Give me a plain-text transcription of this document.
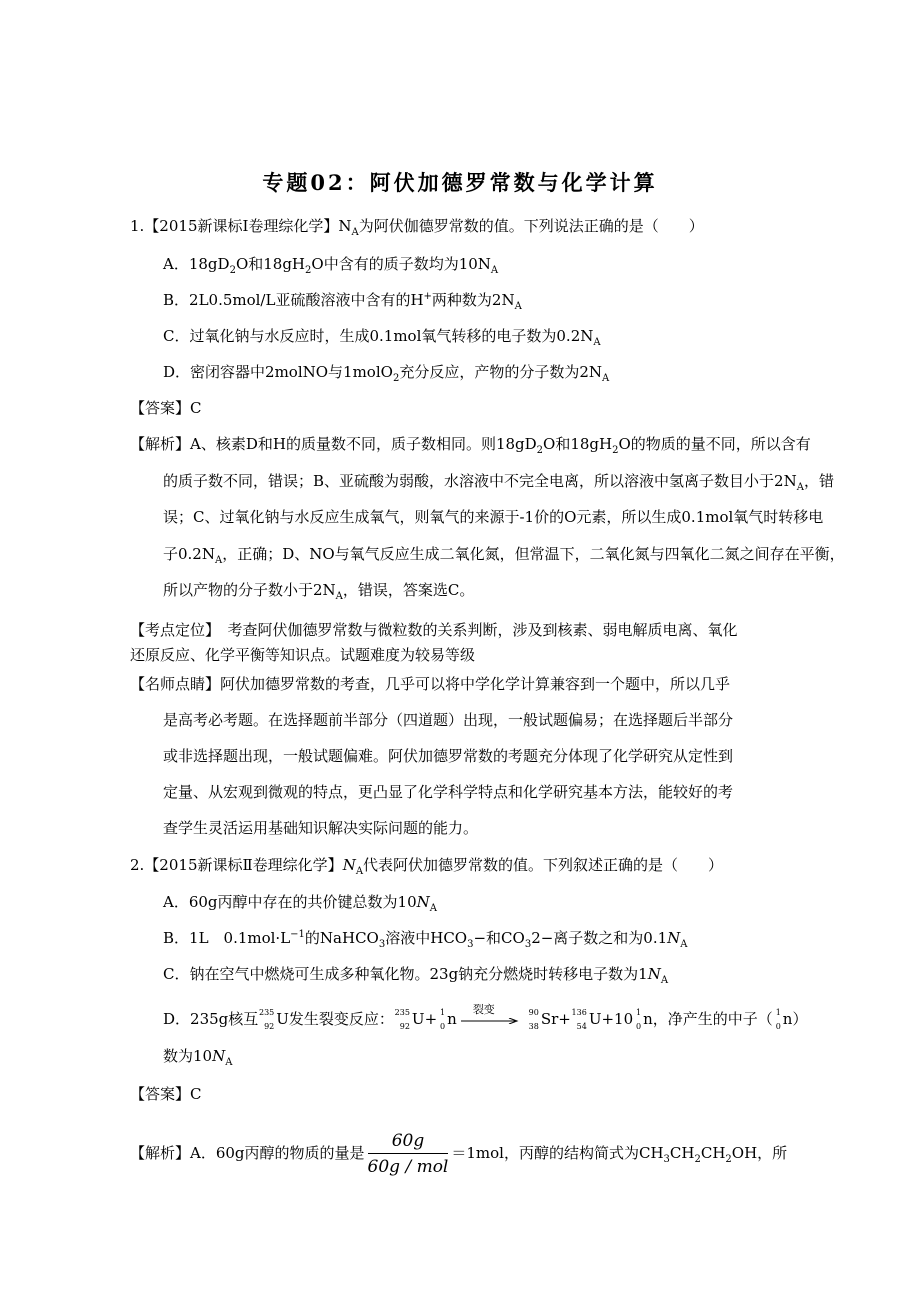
专题02：阿伏加德罗常数与化学计算
1.【2015新课标Ⅰ卷理综化学】$N_A$为阿伏伽德罗常数的值。下列说法正确的是（　　）
A．$18gD_2O$和$18gH_2O$中含有的质子数均为$10N_A$
B．2L0.5mol/L亚硫酸溶液中含有的H+两种数为$2N_A$
C．过氧化钠与水反应时，生成0.1mol氧气转移的电子数为$0.2N_A$
D．密闭容器中2molNO与1molO$_2$充分反应，产物的分子数为$2N_A$
【答案】C
【解析】A、核素D和H的质量数不同，质子数相同。则$18gD_2O$和$18gH_2O$的物质的量不同，所以含有
的质子数不同，错误；B、亚硫酸为弱酸，水溶液中不完全电离，所以溶液中氢离子数目小于$2N_A$，错
误；C、过氧化钠与水反应生成氧气，则氧气的来源于-1价的O元素，所以生成0.1mol氧气时转移电
子$0.2N_A$，正确；D、NO与氧气反应生成二氧化氮，但常温下，二氧化氮与四氧化二氮之间存在平衡，
所以产物的分子数小于$2N_A$，错误，答案选C。
【考点定位】　考查阿伏伽德罗常数与微粒数的关系判断，涉及到核素、弱电解质电离、氧化
还原反应、化学平衡等知识点。试题难度为较易等级
【名师点睛】阿伏加德罗常数的考查，几乎可以将中学化学计算兼容到一个题中，所以几乎
是高考必考题。在选择题前半部分（四道题）出现，一般试题偏易；在选择题后半部分
或非选择题出现，一般试题偏难。阿伏加德罗常数的考题充分体现了化学研究从定性到
定量、从宏观到微观的特点，更凸显了化学科学特点和化学研究基本方法，能较好的考
查学生灵活运用基础知识解决实际问题的能力。
2.【2015新课标Ⅱ卷理综化学】$N_A$代表阿伏加德罗常数的值。下列叙述正确的是（　　）
A．60g丙醇中存在的共价键总数为$10N_A$
B．1L　$0.1mol\cdot L^{-1}$的NaHCO$_3$溶液中$HCO_3-$和$CO_32-$离子数之和为$0.1N_A$
C．钠在空气中燃烧可生成多种氧化物。23g钠充分燃烧时转移电子数为$1N_A$
D．235g核互 235
92 U发生裂变反应： 235
92 U+ 1
0 n
裂变	90
38 Sr+ 136
54 U+10 1
0 n，净产生的中子（ 1
0 n）
数为$10N_A$
【答案】C
【解析】A．60g丙醇的物质的量是 $\frac{60g}{\text{60g / mol}} =1mol$，丙醇的结构简式为$CH_3CH_2CH_2OH$，所
